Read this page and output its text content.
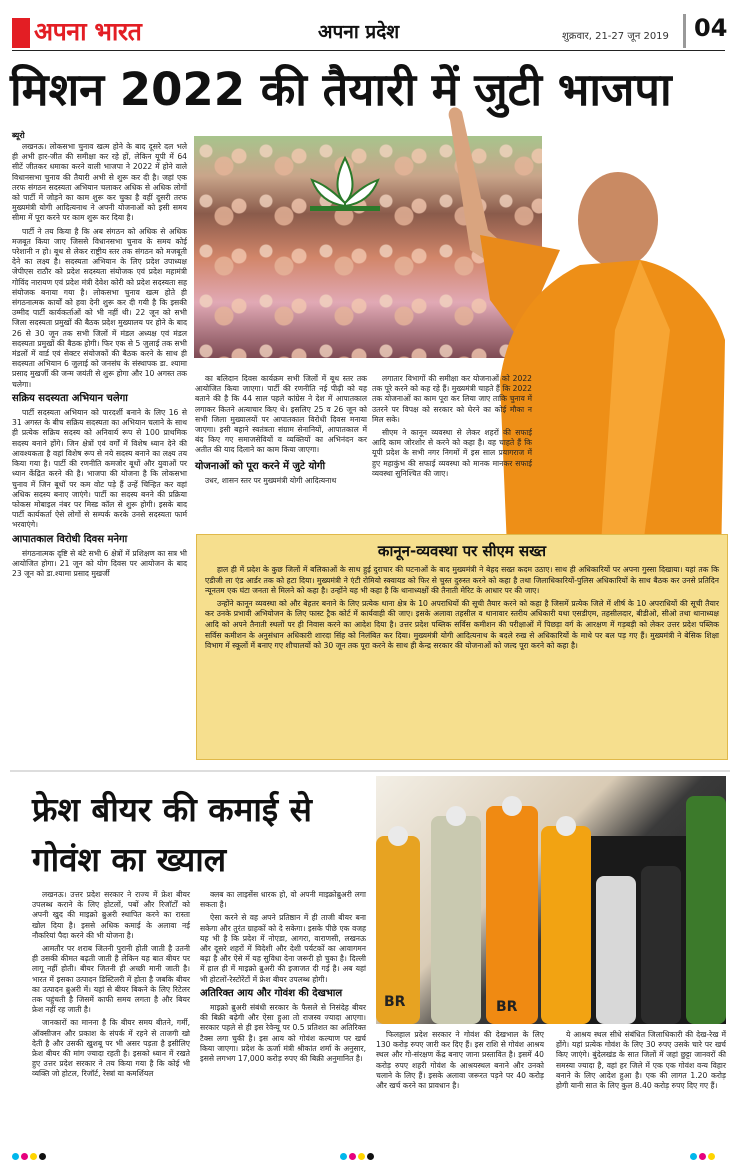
अपना भारत	अपना प्रदेश	शुक्रवार, 21-27 जून 2019	04
मिशन 2022 की तैयारी में जुटी भाजपा
ब्यूरो

लखनऊ। लोकसभा चुनाव खत्म होने के बाद दूसरे दल भले ही अभी हार-जीत की समीक्षा कर रहे हों, लेकिन यूपी में 64 सीटें जीतकर धमाका करने वाली भाजपा ने 2022 में होने वाले विधानसभा चुनाव की तैयारी अभी से शुरू कर दी है। जहां एक तरफ संगठन सदस्यता अभियान चलाकर अधिक से अधिक लोगों को पार्टी में जोड़ने का काम शुरू कर चुका है वहीं दूसरी तरफ मुख्यमंत्री योगी आदित्यनाथ ने अपनी योजनाओं को इसी समय सीमा में पूरा करने पर काम शुरू कर दिया है।

पार्टी ने तय किया है कि अब संगठन को अधिक से अधिक मजबूत किया जाए जिससे विधानसभा चुनाव के समय कोई परेशानी न हो। बूथ से लेकर राष्ट्रीय स्तर तक संगठन को मजबूती देने का लक्ष्य है। सदस्यता अभियान के लिए प्रदेश उपाध्यक्ष जेपीएस राठौर को प्रदेश सदस्यता संयोजक एवं प्रदेश महामंत्री गोविंद नारायण एवं प्रदेश मंत्री देवेश कोरी को प्रदेश सदस्यता सह संयोजक बनाया गया है। लोकसभा चुनाव खत्म होते ही संगठनात्मक कार्यों को हवा देनी शुरू कर दी गयी है कि इसकी उम्मीद पार्टी कार्यकर्ताओं को भी नहीं थी। 22 जून को सभी जिला सदस्यता प्रमुखों की बैठक प्रदेश मुख्यालय पर होने के बाद 26 से 30 जून तक सभी जिलों में मंडल अध्यक्ष एवं मंडल सदस्यता प्रमुखों की बैठक होगी। फिर एक से 5 जुलाई तक सभी मंडलों में वार्ड एवं सेक्टर संयोजकों की बैठक करने के साथ ही सदस्यता अभियान 6 जुलाई को जनसंघ के संस्थापक डा. श्यामा प्रसाद मुखर्जी की जन्म जयंती से शुरू होगा और 10 अगस्त तक चलेगा।

सक्रिय सदस्यता अभियान चलेगा

पार्टी सदस्यता अभियान को पारदर्शी बनाने के लिए 16 से 31 अगस्त के बीच सक्रिय सदस्यता का अभियान चलाने के साथ ही प्रत्येक सक्रिय सदस्य को अनिवार्य रूप से 100 प्राथमिक सदस्य बनाने होंगे। जिन क्षेत्रों एवं वर्गों में विशेष ध्यान देने की आवश्यकता है वहां विशेष रूप से नये सदस्य बनाने का लक्ष्य तय किया गया है। पार्टी की रणनीति कमजोर बूथों और युवाओं पर ध्यान केंद्रित करने की है। भाजपा की योजना है कि लोकसभा चुनाव में जिन बूथों पर कम वोट पड़े हैं उन्हें चिन्हित कर वहां अधिक सदस्य बनाए जाएंगे। पार्टी का सदस्य बनने की प्रक्रिया फोकस मोबाइल नंबर पर मिस्ड कॉल से शुरू होगी। इसके बाद पार्टी कार्यकर्ता ऐसे लोगों से सम्पर्क करके उनसे सदस्यता फार्म भरवाएंगे।

आपातकाल विरोधी दिवस मनेगा

संगठनात्मक दृष्टि से बंटे सभी 6 क्षेत्रों में प्रशिक्षण का सत्र भी आयोजित होगा। 21 जून को योग दिवस पर आयोजन के बाद 23 जून को डा.श्यामा प्रसाद मुखर्जी

का बलिदान दिवस कार्यक्रम सभी जिलों में बूथ स्तर तक आयोजित किया जाएगा। पार्टी की रणनीति नई पीढ़ी को यह बताने की है कि 44 साल पहले कांग्रेस ने देश में आपातकाल लगाकर कितने अत्याचार किए थे। इसलिए 25 व 26 जून को सभी जिला मुख्यालयों पर आपातकाल विरोधी दिवस मनाया जाएगा। इसी बहाने स्वतंत्रता संग्राम सेनानियों, आपातकाल में बंद किए गए समाजसेवियों व व्यक्तियों का अभिनंदन कर अतीत की याद दिलाने का काम किया जाएगा।

योजनाओं को पूरा करने में जुटे योगी

उधर, शासन स्तर पर मुख्यमंत्री योगी आदित्यनाथ

लगातार विभागों की समीक्षा कर योजनाओं को 2022 तक पूरे करने को कह रहे हैं। मुख्यमंत्री चाहते हैं कि 2022 तक योजनाओं का काम पूरा कर लिया जाए ताकि चुनाव में उतरने पर विपक्ष को सरकार को घेरने का कोई मौका न मिल सके।

सीएम ने कानून व्यवस्था से लेकर शहरों की सफाई आदि काम जोरशोर से करने को कहा है। वह चाहते हैं कि यूपी प्रदेश के सभी नगर निगमों में इस साल प्रयागराज में हुए महाकुंभ की सफाई व्यवस्था को मानक मानकर सफाई व्यवस्था सुनिश्चित की जाए।

कानून-व्यवस्था पर सीएम सख्त

हाल ही में प्रदेश के कुछ जिलों में बलिकाओं के साथ हुई दुराचार की घटनाओं के बाद मुख्यमंत्री ने बेहद सख्त कदम उठाए। साथ ही अधिकारियों पर अपना गुस्सा दिखाया। यहां तक कि एडीजी ला एंड आर्डर तक को हटा दिया। मुख्यमंत्री ने एंटी रोमियो स्क्वायड को फिर से चुस्त दुरुस्त करने को कहा है तथा जिलाधिकारियों-पुलिस अधिकारियों के साथ बैठक कर उनसे प्रतिदिन न्यूनतम एक घंटा जनता से मिलने को कहा है। उन्होंने यह भी कहा है कि थानाध्यक्षों की तैनाती मेरिट के आधार पर की जाए।

उन्होंने कानून व्यवस्था को और बेहतर बनाने के लिए प्रत्येक थाना क्षेत्र के 10 अपराधियों की सूची तैयार करने को कहा है जिसमें प्रत्येक जिले में शीर्ष के 10 अपराधियों की सूची तैयार कर उनके प्रभावी अभियोजन के लिए फास्ट ट्रैक कोर्ट में कार्यवाही की जाए। इसके अलावा तहसील व थानावार स्तरीय अधिकारी यथा एसडीएम, तहसीलदार, बीडीओ, सीओ तथा थानाध्यक्ष आदि को अपने तैनाती स्थलों पर ही निवास करने का आदेश दिया है। उत्तर प्रदेश पब्लिक सर्विस कमीशन की परीक्षाओं में पिछड़ा वर्ग के आरक्षण में गड़बड़ी को लेकर उत्तर प्रदेश पब्लिक सर्विस कमीशन के अनुसंधान अधिकारी शारदा सिंह को निलंबित कर दिया। मुख्यमंत्री योगी आदित्यनाथ के बदले रुख से अधिकारियों के माथे पर बल पड़ गए हैं। मुख्यमंत्री ने बेसिक शिक्षा विभाग में स्कूलों में बनाए गए शौचालयों को 30 जून तक पूरा करने के साथ ही केन्द्र सरकार की योजनाओं को जल्द पूरा करने को कहा है।

फ्रेश बीयर की कमाई से गोवंश का ख्याल
BR	BR

लखनऊ। उत्तर प्रदेश सरकार ने राज्य में फ्रेश बीयर उपलब्ध कराने के लिए होटलों, पबों और रिजॉर्टों को अपनी खुद की माइक्रो ब्रुअरी स्थापित करने का रास्ता खोल दिया है। इससे अधिक कमाई के अलावा नई नौकरियां पैदा करने की भी योजना है।

आमतौर पर शराब जितनी पुरानी होती जाती है उतनी ही उसकी कीमत बढ़ती जाती है लेकिन यह बात बीयर पर लागू नहीं होती। बीयर जितनी ही अच्छी मानी जाती है। भारत में इसका उत्पादन डिस्टिलरी में होता है जबकि बीयर का उत्पादन ब्रुअरी में। यहां से बीयर बिकने के लिए रिटेलर तक पहुंचती है जिसमें काफी समय लगता है और बियर फ्रेश नहीं रह जाती है।

जानकारों का मानना है कि बीयर समय बीतने, गर्मी, ऑक्सीजन और प्रकाश के संपर्क में रहने से ताजगी खो देती है और उसकी खुशबू पर भी असर पड़ता है इसीलिए फ्रेश बीयर की मांग ज्यादा रहती है। इसको ध्यान में रखते हुए उत्तर प्रदेश सरकार ने तय किया गया है कि कोई भी व्यक्ति जो होटल, रिजॉर्ट, रेस्त्रां या कमर्शियल

क्लब का लाइसेंस धारक हो, वो अपनी माइक्रोब्रुअरी लगा सकता है।

ऐसा करने से वह अपने प्रतिष्ठान में ही ताजी बीयर बना सकेगा और तुरंत ग्राहकों को दे सकेगा। इसके पीछे एक वजह यह भी है कि प्रदेश में नोएडा, आगरा, वाराणसी, लखनऊ और दूसरे शहरों में विदेशी और देशी पर्यटकों का आवागमन बढ़ा है और ऐसे में यह सुविधा देना जरूरी हो चुका है। दिल्ली में हाल ही में माइक्रो ब्रुअरी की इजाजत दी गई है। अब यहां भी होटलों-रेस्टोरेंटों में फ्रेश बीयर उपलब्ध होगी।

अतिरिक्त आय और गोवंश की देखभाल

माइक्रो ब्रुअरी संबंधी सरकार के फैसले से निसंदेह बीयर की बिक्री बढ़ेगी और ऐसा हुआ तो राजस्व ज्यादा आएगा। सरकार पहले से ही इस रेवेन्यू पर 0.5 प्रतिशत का अतिरिक्त टैक्स लगा चुकी है। इस आय को गोवंश कल्याण पर खर्च किया जाएगा। प्रदेश के ऊर्जा मंत्री श्रीकांत शर्मा के अनुसार, इससे लगभग 17,000 करोड़ रुपए की बिक्री अनुमानित है।

फिलहाल प्रदेश सरकार ने गोवंश की देखभाल के लिए 130 करोड़ रुपए जारी कर दिए हैं। इस राशि से गोवंश आश्रय स्थल और गो-संरक्षण केंद्र बनाए जाना प्रस्तावित है। इसमें 40 करोड़ रुपए शहरी गोवंश के आश्रयस्थल बनाने और उनको चलाने के लिए हैं। इसके अलावा जरूरत पड़ने पर 40 करोड़ और खर्च करने का प्रावधान है।

ये आश्रय स्थल सीधे संबंधित जिलाधिकारी की देख-रेख में होंगे। यहां प्रत्येक गोवंश के लिए 30 रुपए उसके चारे पर खर्च किए जाएंगे। बुंदेलखंड के सात जिलों में जहां छुट्टा जानवरों की समस्या ज्यादा है, वहां हर जिले में एक एक गोवंश वन्य विहार बनाने के लिए आदेश हुआ है। एक की लागत 1.20 करोड़ होगी यानी सात के लिए कुल 8.40 करोड़ रुपए दिए गए हैं।
